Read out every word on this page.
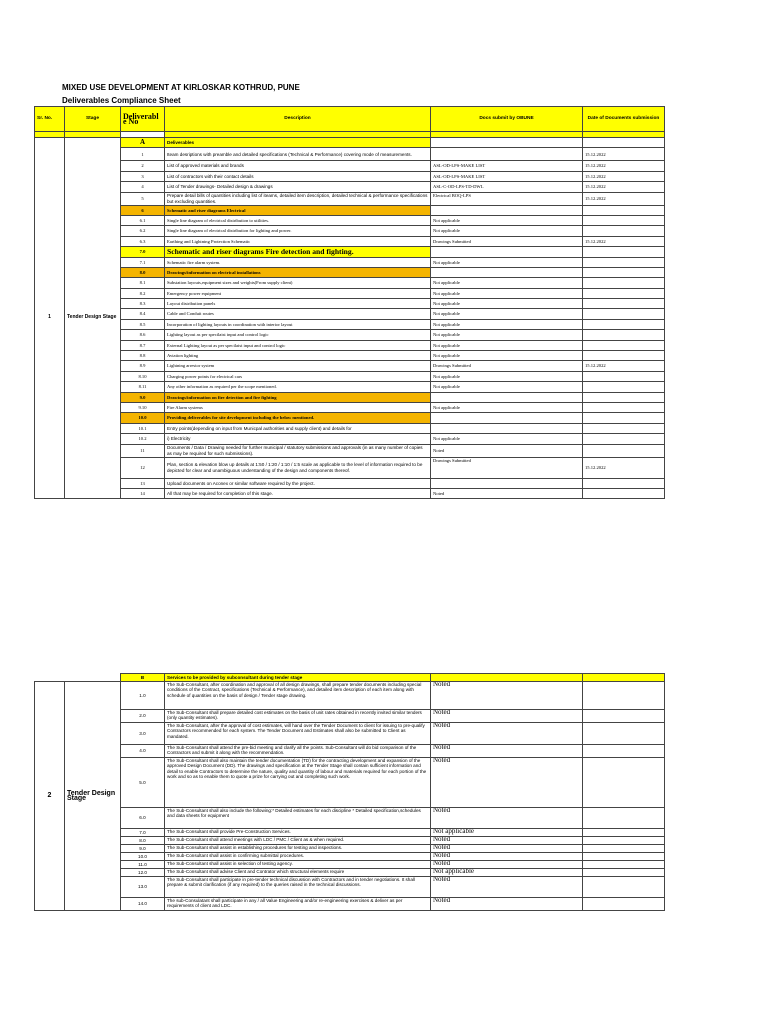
MIXED USE DEVELOPMENT AT KIRLOSKAR KOTHRUD, PUNE
Deliverables Compliance Sheet
Sr. No.	Stage	Deliverable No	Description	Docs submit by OBUNE	Date of Documents submission

1	Tender Design Stage	A	Deliverables		
		1	Iteam desriptions with preamble and detailed specifications (Technical & Performance) covering mode of measurements.		15.12.2022
		2	List of approved materials and brands	ASL-OD-LPS-MAKE LIST	15.12.2022
		3	List of contractors with their contact details	ASL-OD-LPS-MAKE LIST	15.12.2022
		4	List of Tender drawings- Detailed design & drawings	ASL-C-OD-LPS-TD-DWL	15.12.2022
		5	Prepare detail bills of quantities including list of iteams, detailed item description, detailed technical & performance specifications but excluding quantities.	Electrical BOQ-LPS	15.12.2022
		6	Schematic and riser diagrams Electrical		
		6.1	Single line diagram of electrical distribution to utilities.	Not applicable	
		6.2	Single line diagram of electrical distribution for lighting and power.	Not applicable	
		6.3	Earthing and Lightning Protection Schematic	Drawings Submitted	15.12.2022
		7.0	Schematic and riser diagrams Fire detection and fighting.		
		7.1	Schematic fire alarm system.	Not applicable	
		8.0	Drawings/information on electrical installations		
		8.1	Substation layouts,equipment sizes and weights(From supply client)	Not applicable	
		8.2	Emergency power equipment	Not applicable	
		8.3	Layout distribution panels	Not applicable	
		8.4	Cable and Conduit routes	Not applicable	
		8.5	Incorporation of lighting layouts in coordination with interior layout	Not applicable	
		8.6	Lighting layout as per specilaist input and control logic	Not applicable	
		8.7	External Lighting layout as per specilaist input and control logic	Not applicable	
		8.8	Aviation lighting	Not applicable	
		8.9	Lightning arrestor system	Drawings Submitted	15.12.2022
		8.10	Charging power points for electrical cars	Not applicable	
		8.11	Any other information as required per the scope mentioned.	Not applicable	
		9.0	Drawings/information on fire detection and fire fighting		
		9.10	Fire Alarm systems	Not applicable	
		10.0	Providing deliverables for site development including the below mentioned.		
		10.1	Entry points(depending on input from Municpal authorities and supply client) and details for		
		10.2	i) Electricity	Not applicable	
		11	Documents / Data / Drawing needed for further municipal / statutory submissions and approvals (in as many number of copies as may be required for such submissions).	Noted	
		12	Plan, section & elevation blow up details at 1:50 / 1:20 / 1:10 / 1:5 scale as applicable to the level of information required to be depicted for clear and unambiguous understanding of the design and components thereof.	Drawings Submitted	15.12.2022
		13	Upload documents on Aconex or similar software required by the project.		
		14	All that may be required for completion of this stage.	Noted	
		B	Services to be provided by subconsultant during tender stage		
2	Tender Design Stage	1.0	The Sub-Consultant, after coordination and approval of all design drawings, shall prepare tender documents including special conditions of the Contract, specifications (Technical & Performance), and detailed item description of each item along with schedule of quantities on the basis of design / Tender stage drawing.	Noted	
		2.0	The Sub-Consultant shall prepare detailed cost estimates on the basis of unit rates obtained in recently invited similar tenders (only quantity estimates).	Noted	
		3.0	The Sub-Consultant, after the approval of cost estimates, will hand over the Tender Document to client for issuing to pre-qualify Contractors recommended for each system. The Tender Document and Estimates shall also be submitted to Client as mandated.	Noted	
		4.0	The Sub-Consultant shall attend the pre-bid meeting and clarify all the points. Sub-Consultant will do bid comparison of the Contractors and submit it along with the recommendation.	Noted	
		5.0	The Sub-Consultant shall also maintain the tender documentation (TD) for the contracting development and expansion of the approved Design Document (DD). The drawings and specification at the Tender Stage shall contain sufficient information and detail to enable Contractors to determine the nature, quality and quantity of labour and materials required for each portion of the work and so as to enable them to quote a prize for carrying out and completing such work.	Noted	
		6.0	The Sub-Consultant shall also include the following:* Detailed estimates for each discipline * Detailed specification,schedules and data sheets for equipment	Noted	
		7.0	The Sub-Consultant shall provide Pre-Construction Services.	Not applicable	
		8.0	The Sub-Consultant shall attend meetings with LDC / PMC / Client as & when required.	Noted	
		9.0	The Sub-Consultant shall assist in establishing procedures for testing and inspections.	Noted	
		10.0	The Sub-Consultant shall assist in confirming submittal procedures.	Noted	
		11.0	The Sub-Consultant shall assist in selection of testing agency.	Noted	
		12.0	The Sub-Consultant shall advise Client and Contrator which structural elements require	Not applicable	
		13.0	The Sub-Consultant shall participate in pre-tender technical discussion with Contractors and in tender negotiations. It shall prepare & submit clarification (if any required) to the queries raised in the technical discussions.	Noted	
		14.0	The sub-Consulatant shall participate in any / all Value Engineering and/or re-engineering exercises & deliver as per requirements of client and LDC.	Noted	
